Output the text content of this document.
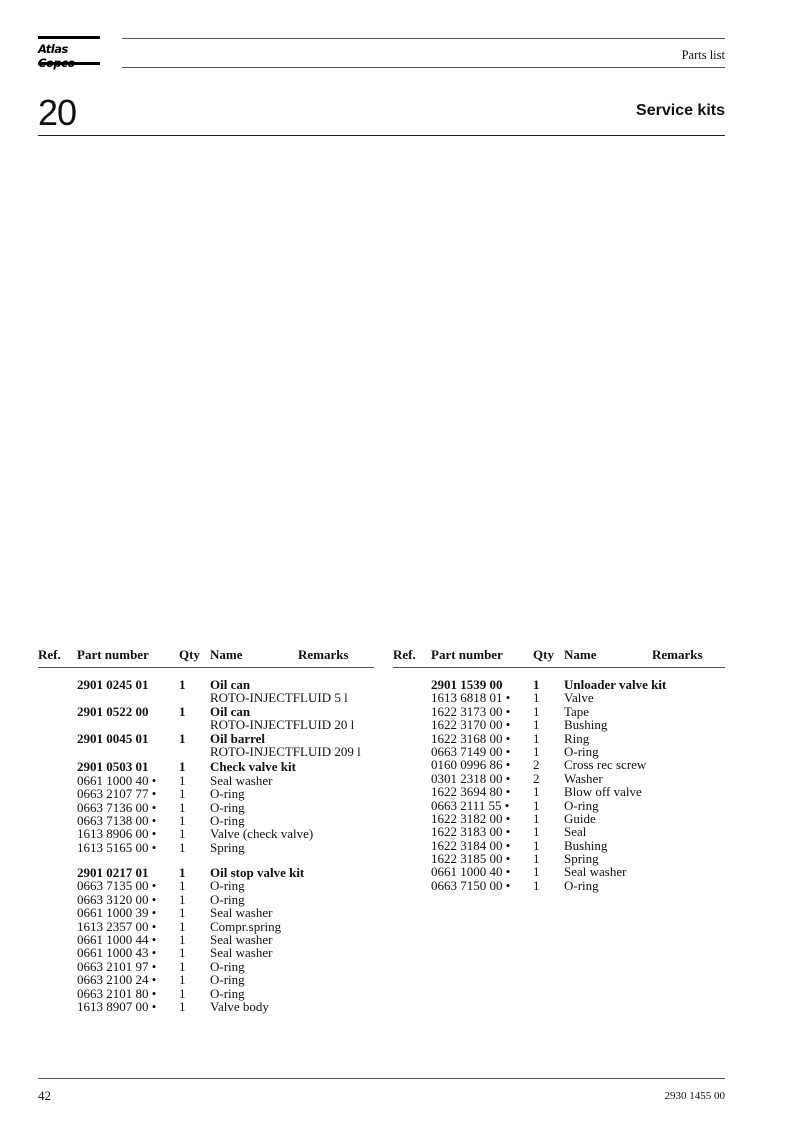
Atlas	Parts list
20	Service kits
Ref. Part number Qty Name	Remarks
2901 0245 01 1 Oil can
ROTO-INJECTFLUID 5 l
2901 0522 00 1 Oil can
ROTO-INJECTFLUID 20 l
2901 0045 01 1 Oil barrel
ROTO-INJECTFLUID 209 l
2901 0503 01 1 Check valve kit
0661 1000 40 • 1 Seal washer
0663 2107 77 • 1 O-ring
0663 7136 00 • 1 O-ring
0663 7138 00 • 1 O-ring
1613 8906 00 • 1 Valve (check valve)
1613 5165 00 • 1 Spring
2901 0217 01 1 Oil stop valve kit
0663 7135 00 • 1 O-ring
0663 3120 00 • 1 O-ring
0661 1000 39 • 1 Seal washer
1613 2357 00 • 1 Compr.spring
0661 1000 44 • 1 Seal washer
0661 1000 43 • 1 Seal washer
0663 2101 97 • 1 O-ring
0663 2100 24 • 1 O-ring
0663 2101 80 • 1 O-ring
1613 8907 00 • 1 Valve body
Ref. Part number Qty Name	Remarks
2901 1539 00 1 Unloader valve kit
1613 6818 01 • 1 Valve
1622 3173 00 • 1 Tape
1622 3170 00 • 1 Bushing
1622 3168 00 • 1 Ring
0663 7149 00 • 1 O-ring
0160 0996 86 • 2 Cross rec screw
0301 2318 00 • 2 Washer
1622 3694 80 • 1 Blow off valve
0663 2111 55 • 1 O-ring
1622 3182 00 • 1 Guide
1622 3183 00 • 1 Seal
1622 3184 00 • 1 Bushing
1622 3185 00 • 1 Spring
0661 1000 40 • 1 Seal washer
0663 7150 00 • 1 O-ring
42	2930 1455 00
